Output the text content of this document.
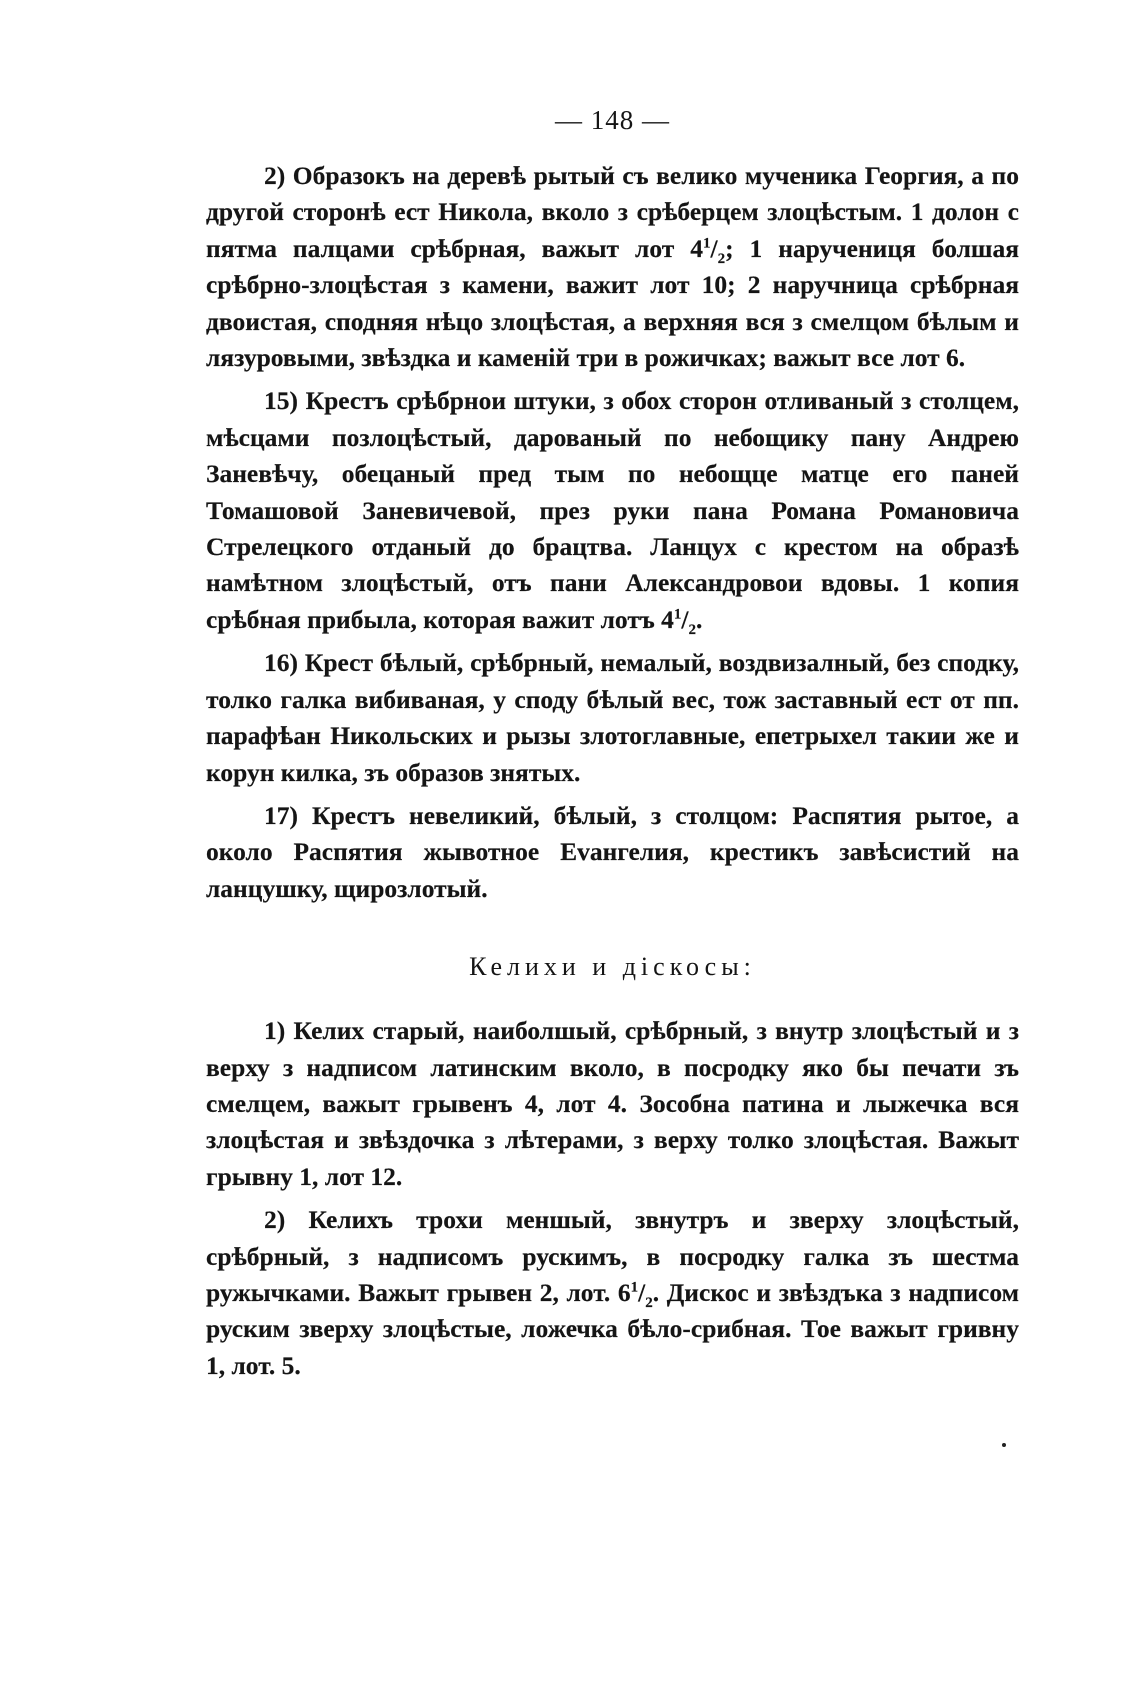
— 148 —

2) Образокъ на деревѣ рытый съ велико мученика Георгия, а по другой сторонѣ ест Никола, вколо з срѣберцем злоцѣстым. 1 долон с пятма палцами срѣбрная, важыт лот $4^1/_2$; 1 наручениця болшая срѣбрно-злоцѣстая з камени, важит лот 10; 2 наручница срѣбрная двоистая, сподняя нѣцо злоцѣстая, а верхняя вся з смелцом бѣлым и лязуровыми, звѣздка и каменій три в рожичках; важыт все лот 6.

15) Крестъ срѣбрнои штуки, з обох сторон отливаный з столцем, мѣсцами позлоцѣстый, дарованый по небощику пану Андрею Заневѣчу, обецаный пред тым по небощце матце его паней Томашовой Заневичевой, през руки пана Романа Романовича Стрелецкого отданый до брацтва. Ланцух с крестом на образѣ намѣтном злоцѣстый, отъ пани Александровои вдовы. 1 копия срѣбная прибыла, которая важит лотъ $4^1/_2$.

16) Крест бѣлый, срѣбрный, немалый, воздвизалный, без сподку, толко галка вибиваная, у споду бѣлый вес, тож заставный ест от пп. парафѣан Никольских и рызы злотоглавные, епетрыхел такии же и корун килка, зъ образов знятых.

17) Крестъ невеликий, бѣлый, з столцом: Распятия рытое, а около Распятия жывотное Еvангелия, крестикъ завѣсистий на ланцушку, щирозлотый.

Келихи и діскосы:

1) Келих старый, наиболшый, срѣбрный, з внутр злоцѣстый и з верху з надписом латинским вколо, в посродку яко бы печати зъ смелцем, важыт грывенъ 4, лот 4. Зособна патина и лыжечка вся злоцѣстая и звѣздочка з лѣтерами, з верху толко злоцѣстая. Важыт грывну 1, лот 12.

2) Келихъ трохи меншый, звнутръ и зверху злоцѣстый, срѣбрный, з надписомъ рускимъ, в посродку галка зъ шестма ружычками. Важыт грывен 2, лот. $6^1/_2$. Дискос и звѣздъка з надписом руским зверху злоцѣстые, ложечка бѣло-срибная. Тое важыт гривну 1, лот. 5.
